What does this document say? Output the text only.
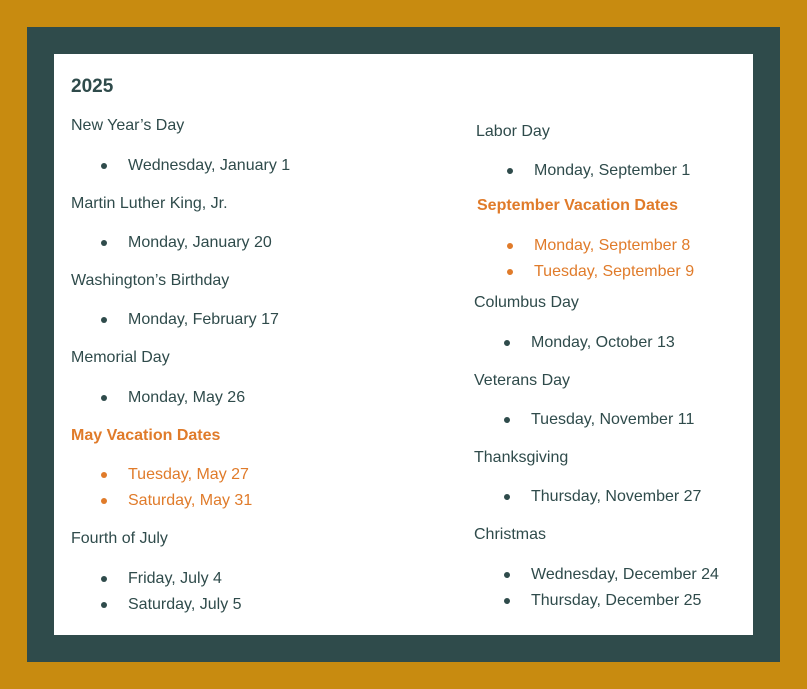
2025
New Year’s Day
Wednesday, January 1
Martin Luther King, Jr.
Monday, January 20
Washington’s Birthday
Monday, February 17
Memorial Day
Monday, May 26
May Vacation Dates
Tuesday, May 27
Saturday, May 31
Fourth of July
Friday, July 4
Saturday, July 5
Labor Day
Monday, September 1
September Vacation Dates
Monday, September 8
Tuesday, September 9
Columbus Day
Monday, October 13
Veterans Day
Tuesday, November 11
Thanksgiving
Thursday, November 27
Christmas
Wednesday, December 24
Thursday, December 25
